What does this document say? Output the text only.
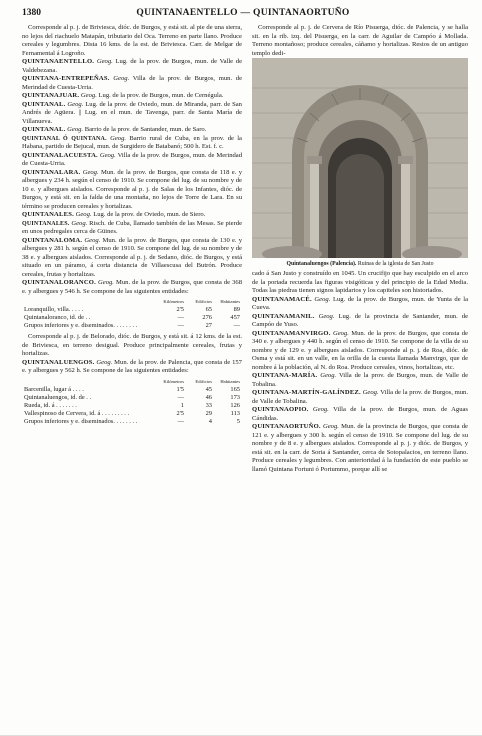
1380	QUINTANAENTELLO — QUINTANAORTUÑO

Corresponde al p. j. de Briviesca, dióc. de Burgos, y está sit. al pie de una sierra, no lejos del riachuelo Matapán, tributario del Oca. Terreno en parte llano. Produce cereales y legumbres. Dista 16 kms. de la est. de Briviesca. Carr. de Melgar de Fernamental á Logroño.

QUINTANAENTELLO. Geog. Lug. de la prov. de Burgos, mun. de Valle de Valdebezana.

QUINTANA-ENTREPEÑAS. Geog. Villa de la prov. de Burgos, mun. de Merindad de Cuesta-Urria.

QUINTANAJUAR. Geog. Lug. de la prov. de Burgos, mun. de Cernégula.

QUINTANAL. Geog. Lug. de la prov. de Oviedo, mun. de Miranda, parr. de San Andrés de Agüera. || Lug. en el mun. de Tavenga, parr. de Santa María de Villanueva.

QUINTANAL. Geog. Barrio de la prov. de Santander, mun. de Saro.

QUINTANAL Ó QUINTANA. Geog. Barrio rural de Cuba, en la prov. de la Habana, partido de Bejucal, mun. de Surgidero de Batabanó; 500 h. Est. f. c.

QUINTANALACUESTA. Geog. Villa de la prov. de Burgos, mun. de Merindad de Cuesta-Urria.

QUINTANALARA. Geog. Mun. de la prov. de Burgos, que consta de 118 e. y albergues y 234 h. según el censo de 1910. Se compone del lug. de su nombre y de 10 e. y albergues aislados. Corresponde al p. j. de Salas de los Infantes, dióc. de Burgos, y está sit. en la falda de una montaña, no lejos de Torre de Lara. En su término se producen cereales y hortalizas.

QUINTANALES. Geog. Lug. de la prov. de Oviedo, mun. de Siero.

QUINTANALES. Geog. Risch. de Cuba, llamado también de las Mesas. Se pierde en unos pedregales cerca de Güines.

QUINTANALOMA. Geog. Mun. de la prov. de Burgos, que consta de 130 e. y albergues y 281 h. según el censo de 1910. Se compone del lug. de su nombre y de 38 e. y albergues aislados. Corresponde al p. j. de Sedano, dióc. de Burgos, y está situado en un páramo, á corta distancia de Villaescusa del Butrón. Produce cereales, frutas y hortalizas.

QUINTANALORANCO. Geog. Mun. de la prov. de Burgos, que consta de 368 e. y albergues y 546 h. Se compone de las siguientes entidades:

	Kilómetros	Edificios	Habitantes
Loranquillo, villa. . . . .	2'5	65	89
Quintanaloranco, id. de . .	—	276	457
Grupos inferiores y e. diseminados. . . . . . . .	—	27	—

Corresponde al p. j. de Belorado, dióc. de Burgos, y está sit. á 12 kms. de la est. de Briviesca, en terreno desigual. Produce principalmente cereales, frutas y hortalizas.

QUINTANALUENGOS. Geog. Mun. de la prov. de Palencia, que consta de 157 e. y albergues y 562 h. Se compone de las siguientes entidades:

	Kilómetros	Edificios	Habitantes
Barcenilla, lugar á . . . .	1'5	45	165
Quintanaluengos, id. de . .	—	46	173
Rueda, id. á . . . . . . .	1	33	126
Vallespinoso de Cervera, id. á . . . . . . . . .	2'5	29	113
Grupos inferiores y e. diseminados. . . . . . . .	—	4	5

Corresponde al p. j. de Cervera de Río Pisuerga, dióc. de Palencia, y se halla sit. en la rib. izq. del Pisuerga, en la carr. de Aguilar de Campóo á Mollada. Terreno montañoso; produce cereales, cáñamo y hortalizas. Restos de un antiguo templo dedi-

Quintanaluengos (Palencia). Ruinas de la iglesia de San Justo

cado á San Justo y construído en 1045. Un crucifijo que hay esculpido en el arco de la portada recuerda las figuras visigóticas y del principio de la Edad Media. Todas las piedras tienen signos lapidarios y los capiteles son historiados.

QUINTANAMACÉ. Geog. Lug. de la prov. de Burgos, mun. de Yunta de la Cueva.

QUINTANAMANIL. Geog. Lug. de la provincia de Santander, mun. de Campóo de Yuso.

QUINTANAMANVIRGO. Geog. Mun. de la prov. de Burgos, que consta de 340 e. y albergues y 440 h. según el censo de 1910. Se compone de la villa de su nombre y de 129 e. y albergues aislados. Corresponde al p. j. de Roa, dióc. de Osma y está sit. en un valle, en la orilla de la cuesta llamada Manvirgo, que de nombre á la población, al N. do Roa. Produce cereales, vinos, hortalizas, etc.

QUINTANA-MARÍA. Geog. Villa de la prov. de Burgos, mun. de Valle de Tobalina.

QUINTANA-MARTÍN-GALÍNDEZ. Geog. Villa de la prov. de Burgos, mun. de Valle de Tobalina.

QUINTANAOPIO. Geog. Villa de la prov. de Burgos, mun. de Aguas Cándidas.

QUINTANAORTUÑO. Geog. Mun. de la provincia de Burgos, que consta de 121 e. y albergues y 300 h. según el censo de 1910. Se compone del lug. de su nombre y de 8 e. y albergues aislados. Corresponde al p. j. y dióc. de Burgos, y está sit. en la carr. de Soria á Santander, cerca de Sotopalacios, en terreno llano. Produce cereales y legumbres. Con anterioridad á la fundación de este pueblo se llamó Quintana Fortuni ó Portummo, porque allí se
